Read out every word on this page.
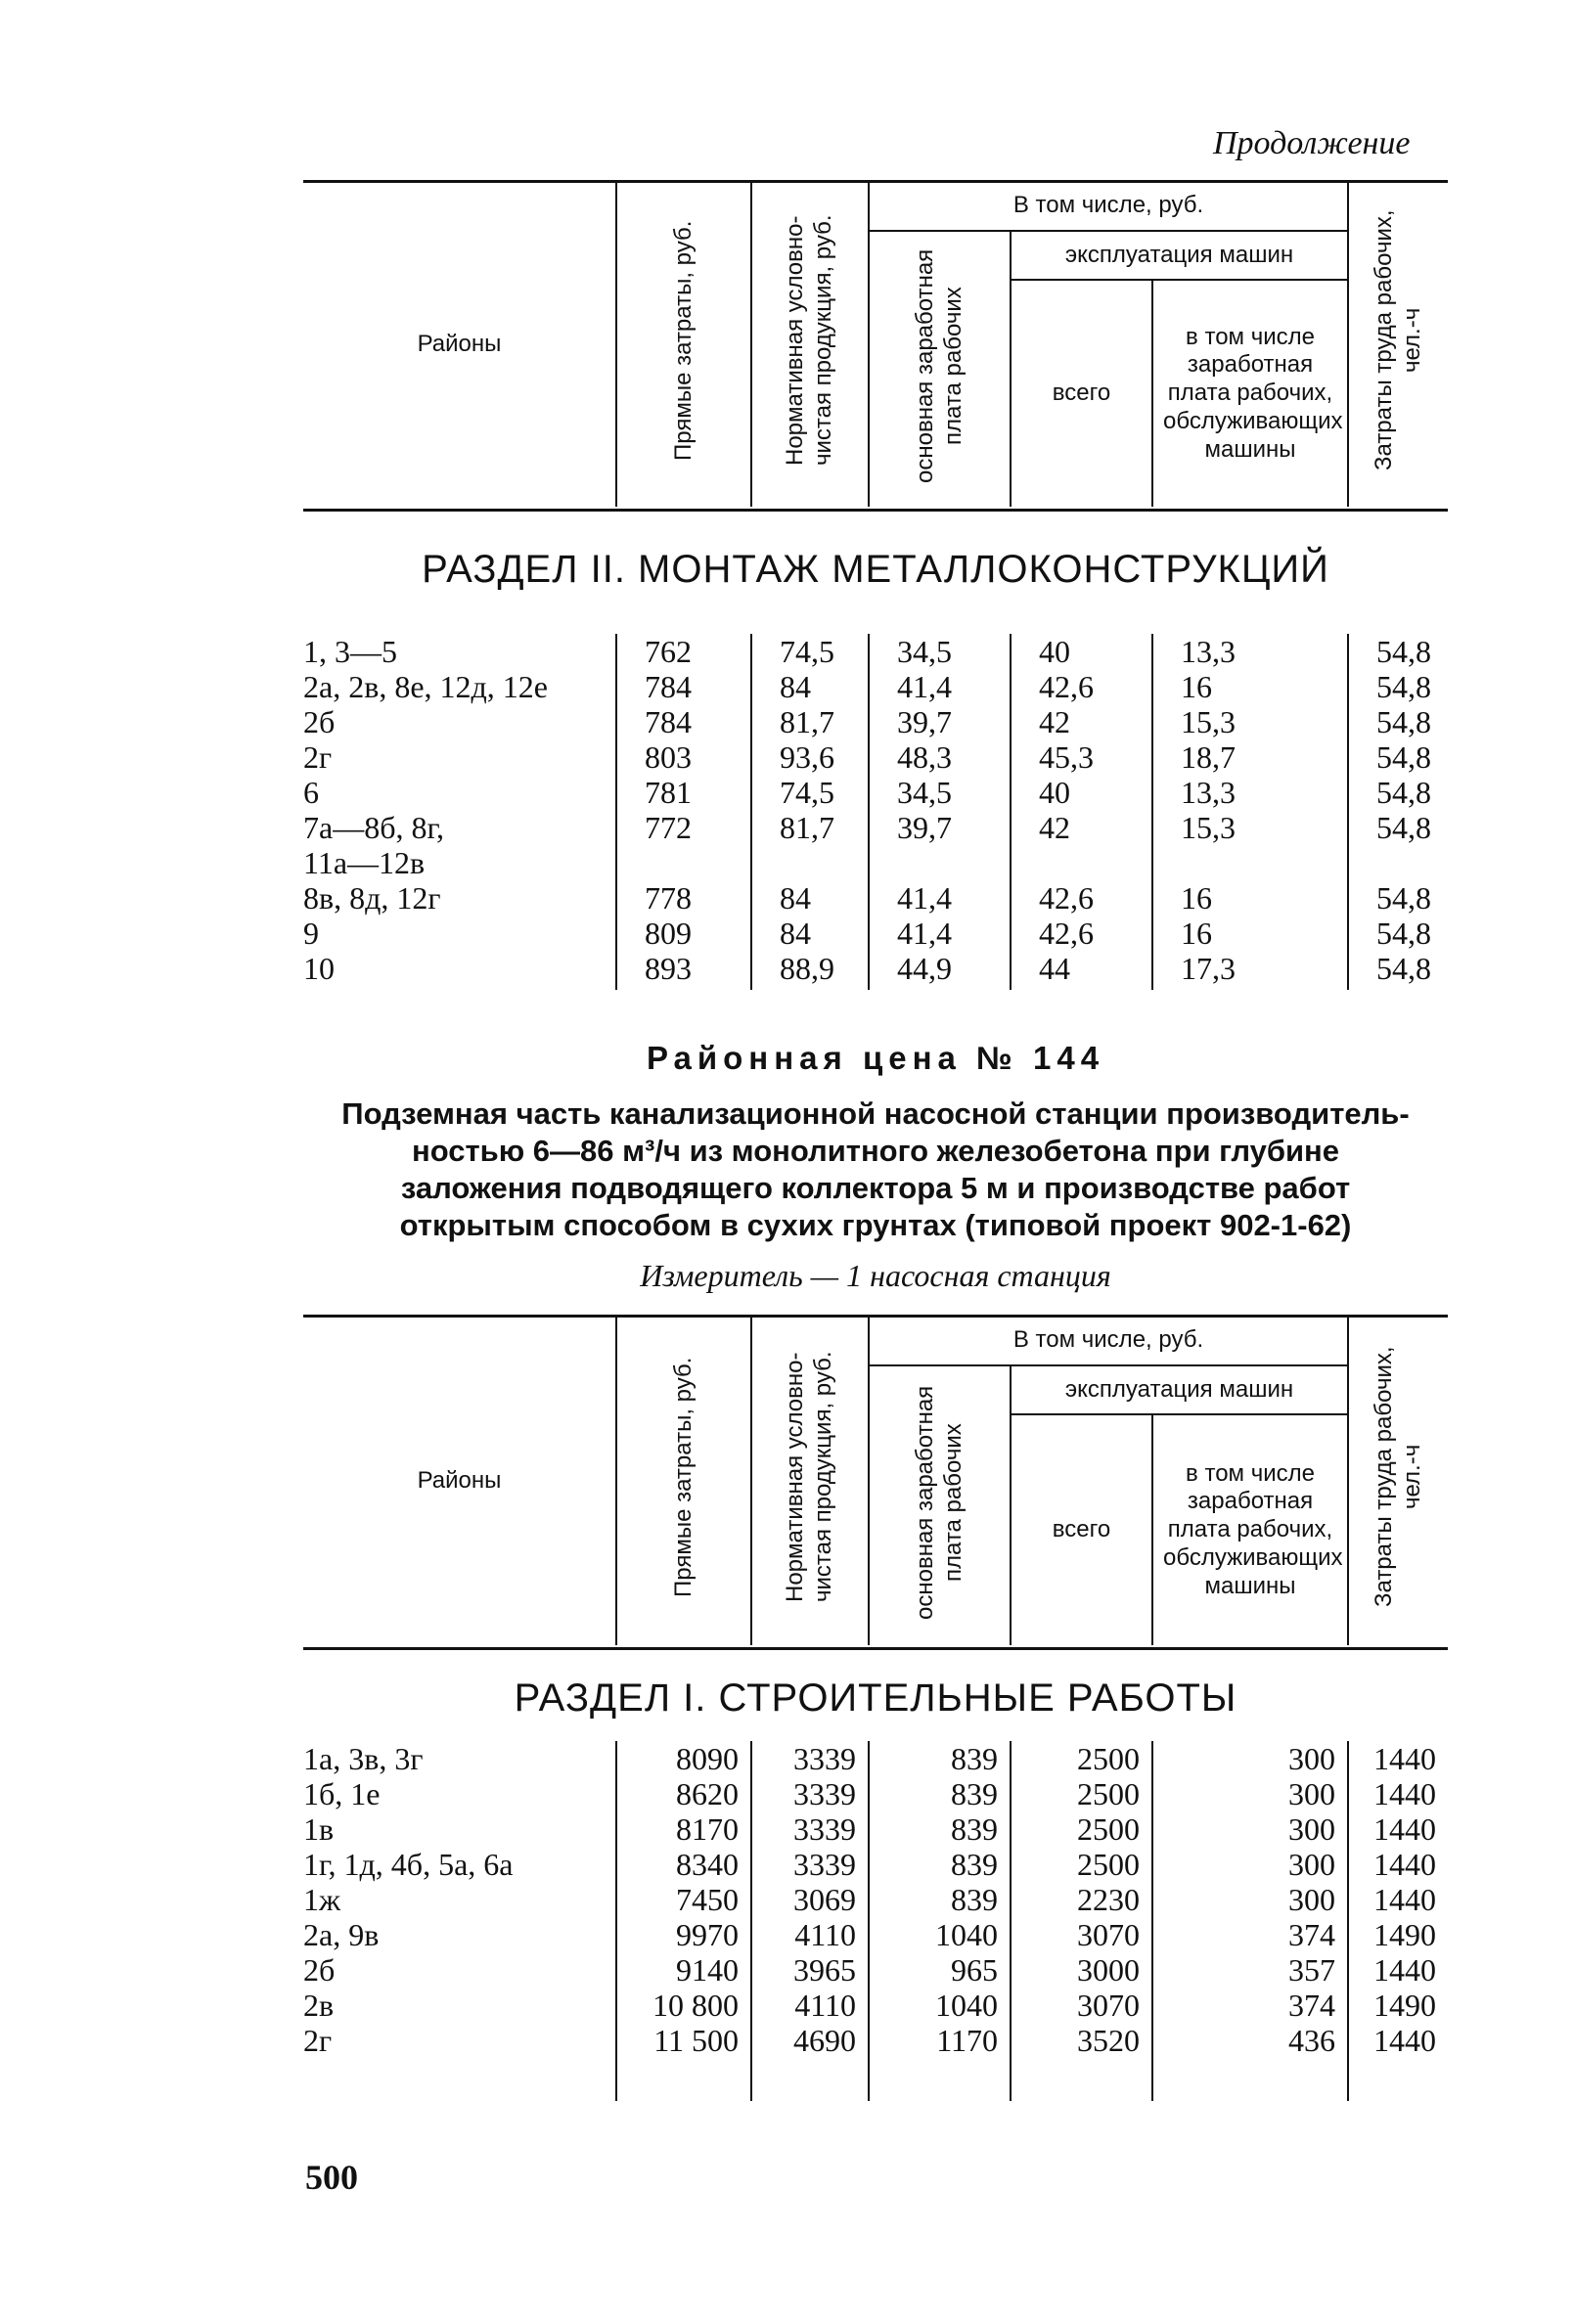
Продолжение
Районы	Прямые затраты, руб.	Нормативная условно-чистая продукция, руб.	В том числе, руб.			Затраты труда рабочих, чел.-ч
			основная заработная плата рабочих	эксплуатация машин		
				всего	в том числе заработная плата рабочих, обслуживающих машины	
РАЗДЕЛ II. МОНТАЖ МЕТАЛЛОКОНСТРУКЦИЙ
1, 3—5	762	74,5	34,5	40	13,3	54,8
2а, 2в, 8е, 12д, 12е	784	84	41,4	42,6	16	54,8
2б	784	81,7	39,7	42	15,3	54,8
2г	803	93,6	48,3	45,3	18,7	54,8
6	781	74,5	34,5	40	13,3	54,8
7а—8б, 8г,	772	81,7	39,7	42	15,3	54,8
11а—12в						
8в, 8д, 12г	778	84	41,4	42,6	16	54,8
9	809	84	41,4	42,6	16	54,8
10	893	88,9	44,9	44	17,3	54,8

Районная цена № 144
Подземная часть канализационной насосной станции производитель-
ностью 6—86 м³/ч из монолитного железобетона при глубине
заложения подводящего коллектора 5 м и производстве работ
открытым способом в сухих грунтах (типовой проект 902-1-62)
Измеритель — 1 насосная станция
Районы	Прямые затраты, руб.	Нормативная условно-чистая продукция, руб.	В том числе, руб.			Затраты труда рабочих, чел.-ч
			основная заработная плата рабочих	эксплуатация машин		
				всего	в том числе заработная плата рабочих, обслуживающих машины	
РАЗДЕЛ I. СТРОИТЕЛЬНЫЕ РАБОТЫ
1а, 3в, 3г	8090	3339	839	2500	300	1440
1б, 1е	8620	3339	839	2500	300	1440
1в	8170	3339	839	2500	300	1440
1г, 1д, 4б, 5а, 6а	8340	3339	839	2500	300	1440
1ж	7450	3069	839	2230	300	1440
2а, 9в	9970	4110	1040	3070	374	1490
2б	9140	3965	965	3000	357	1440
2в	10 800	4110	1040	3070	374	1490
2г	11 500	4690	1170	3520	436	1440

500
